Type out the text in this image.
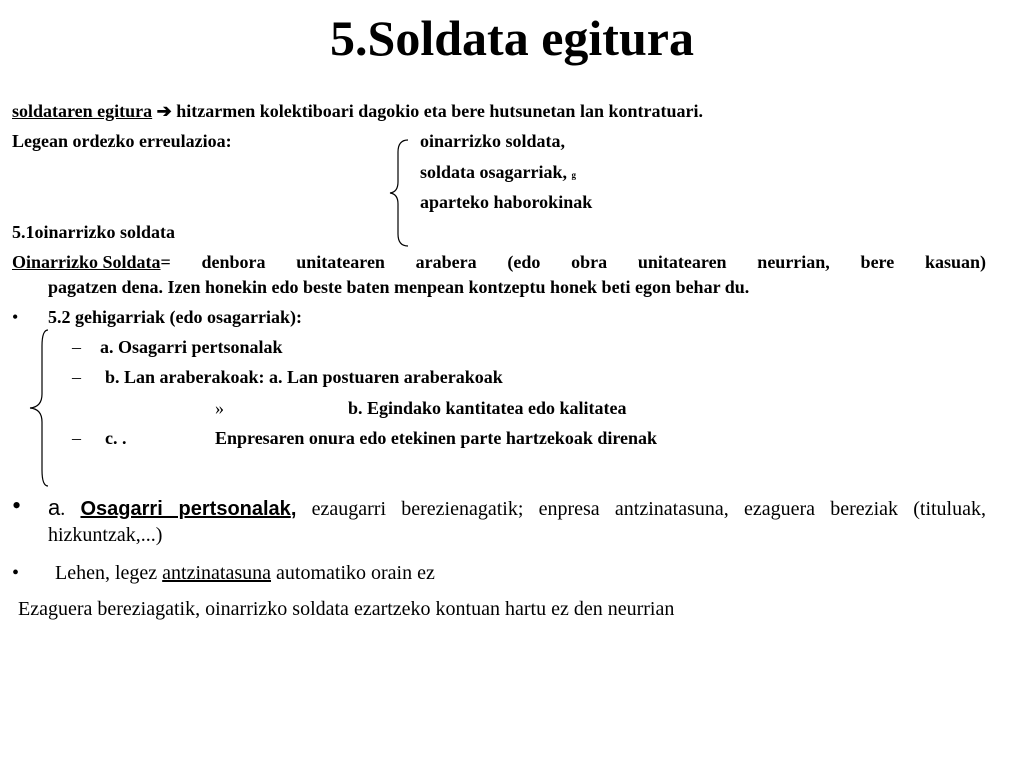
5.Soldata egitura
soldataren egitura ➔ hitzarmen kolektiboari dagokio eta bere hutsunetan lan kontratuari.
Legean ordezko erreulazioa:	oinarrizko soldata,
soldata osagarriak, g
aparteko haborokinak
5.1oinarrizko soldata
Oinarrizko Soldata = denbora unitatearen arabera (edo obra unitatearen neurrian, bere kasuan)
pagatzen dena. Izen honekin edo beste baten menpean kontzeptu honek beti egon behar du.
• 5.2 gehigarriak (edo osagarriak):
– a. Osagarri pertsonalak
– b. Lan araberakoak: a. Lan postuaren araberakoak
»	b. Egindako kantitatea edo kalitatea
– c. .	Enpresaren onura edo etekinen parte hartzekoak direnak
• a. Osagarri pertsonalak, ezaugarri berezienagatik; enpresa antzinatasuna, ezaguera bereziak (tituluak, hizkuntzak,...)
• Lehen, legez antzinatasuna automatiko orain ez
Ezaguera bereziagatik, oinarrizko soldata ezartzeko kontuan hartu ez den neurrian
